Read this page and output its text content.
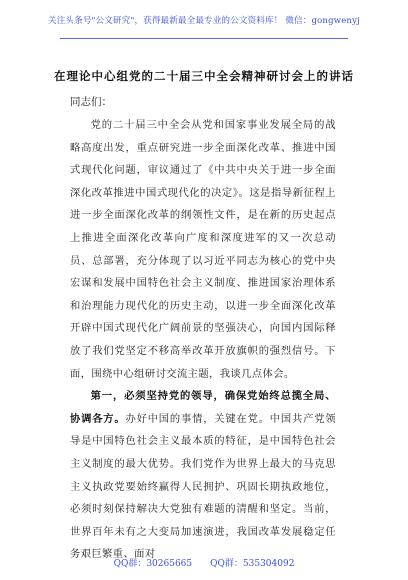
关注头条号"公文研究"，获得最新最全最专业的公文资料库！ 微信：gongwenyj
在理论中心组党的二十届三中全会精神研讨会上的讲话
同志们：

党的二十届三中全会从党和国家事业发展全局的战略高度出发，重点研究进一步全面深化改革、推进中国式现代化问题，审议通过了《中共中央关于进一步全面深化改革推进中国式现代化的决定》。这是指导新征程上进一步全面深化改革的纲领性文件，是在新的历史起点上推进全面深化改革向广度和深度进军的又一次总动员、总部署，充分体现了以习近平同志为核心的党中央宏谋和发展中国特色社会主义制度、推进国家治理体系和治理能力现代化的历史主动，以进一步全面深化改革开辟中国式现代化广阔前景的坚强决心，向国内国际释放了我们党坚定不移高举改革开放旗帜的强烈信号。下面，围绕中心组研讨交流主题，我谈几点体会。

第一，必须坚持党的领导，确保党始终总揽全局、协调各方。办好中国的事情，关键在党。中国共产党领导是中国特色社会主义最本质的特征，是中国特色社会主义制度的最大优势。我们党作为世界上最大的马克思主义执政党要始终赢得人民拥护、巩固长期执政地位，必须时刻保持解决大党独有难题的清醒和坚定。当前，世界百年未有之大变局加速演进，我国改革发展稳定任务艰巨繁重、面对

QQ群：30265665 QQ群：535304092
